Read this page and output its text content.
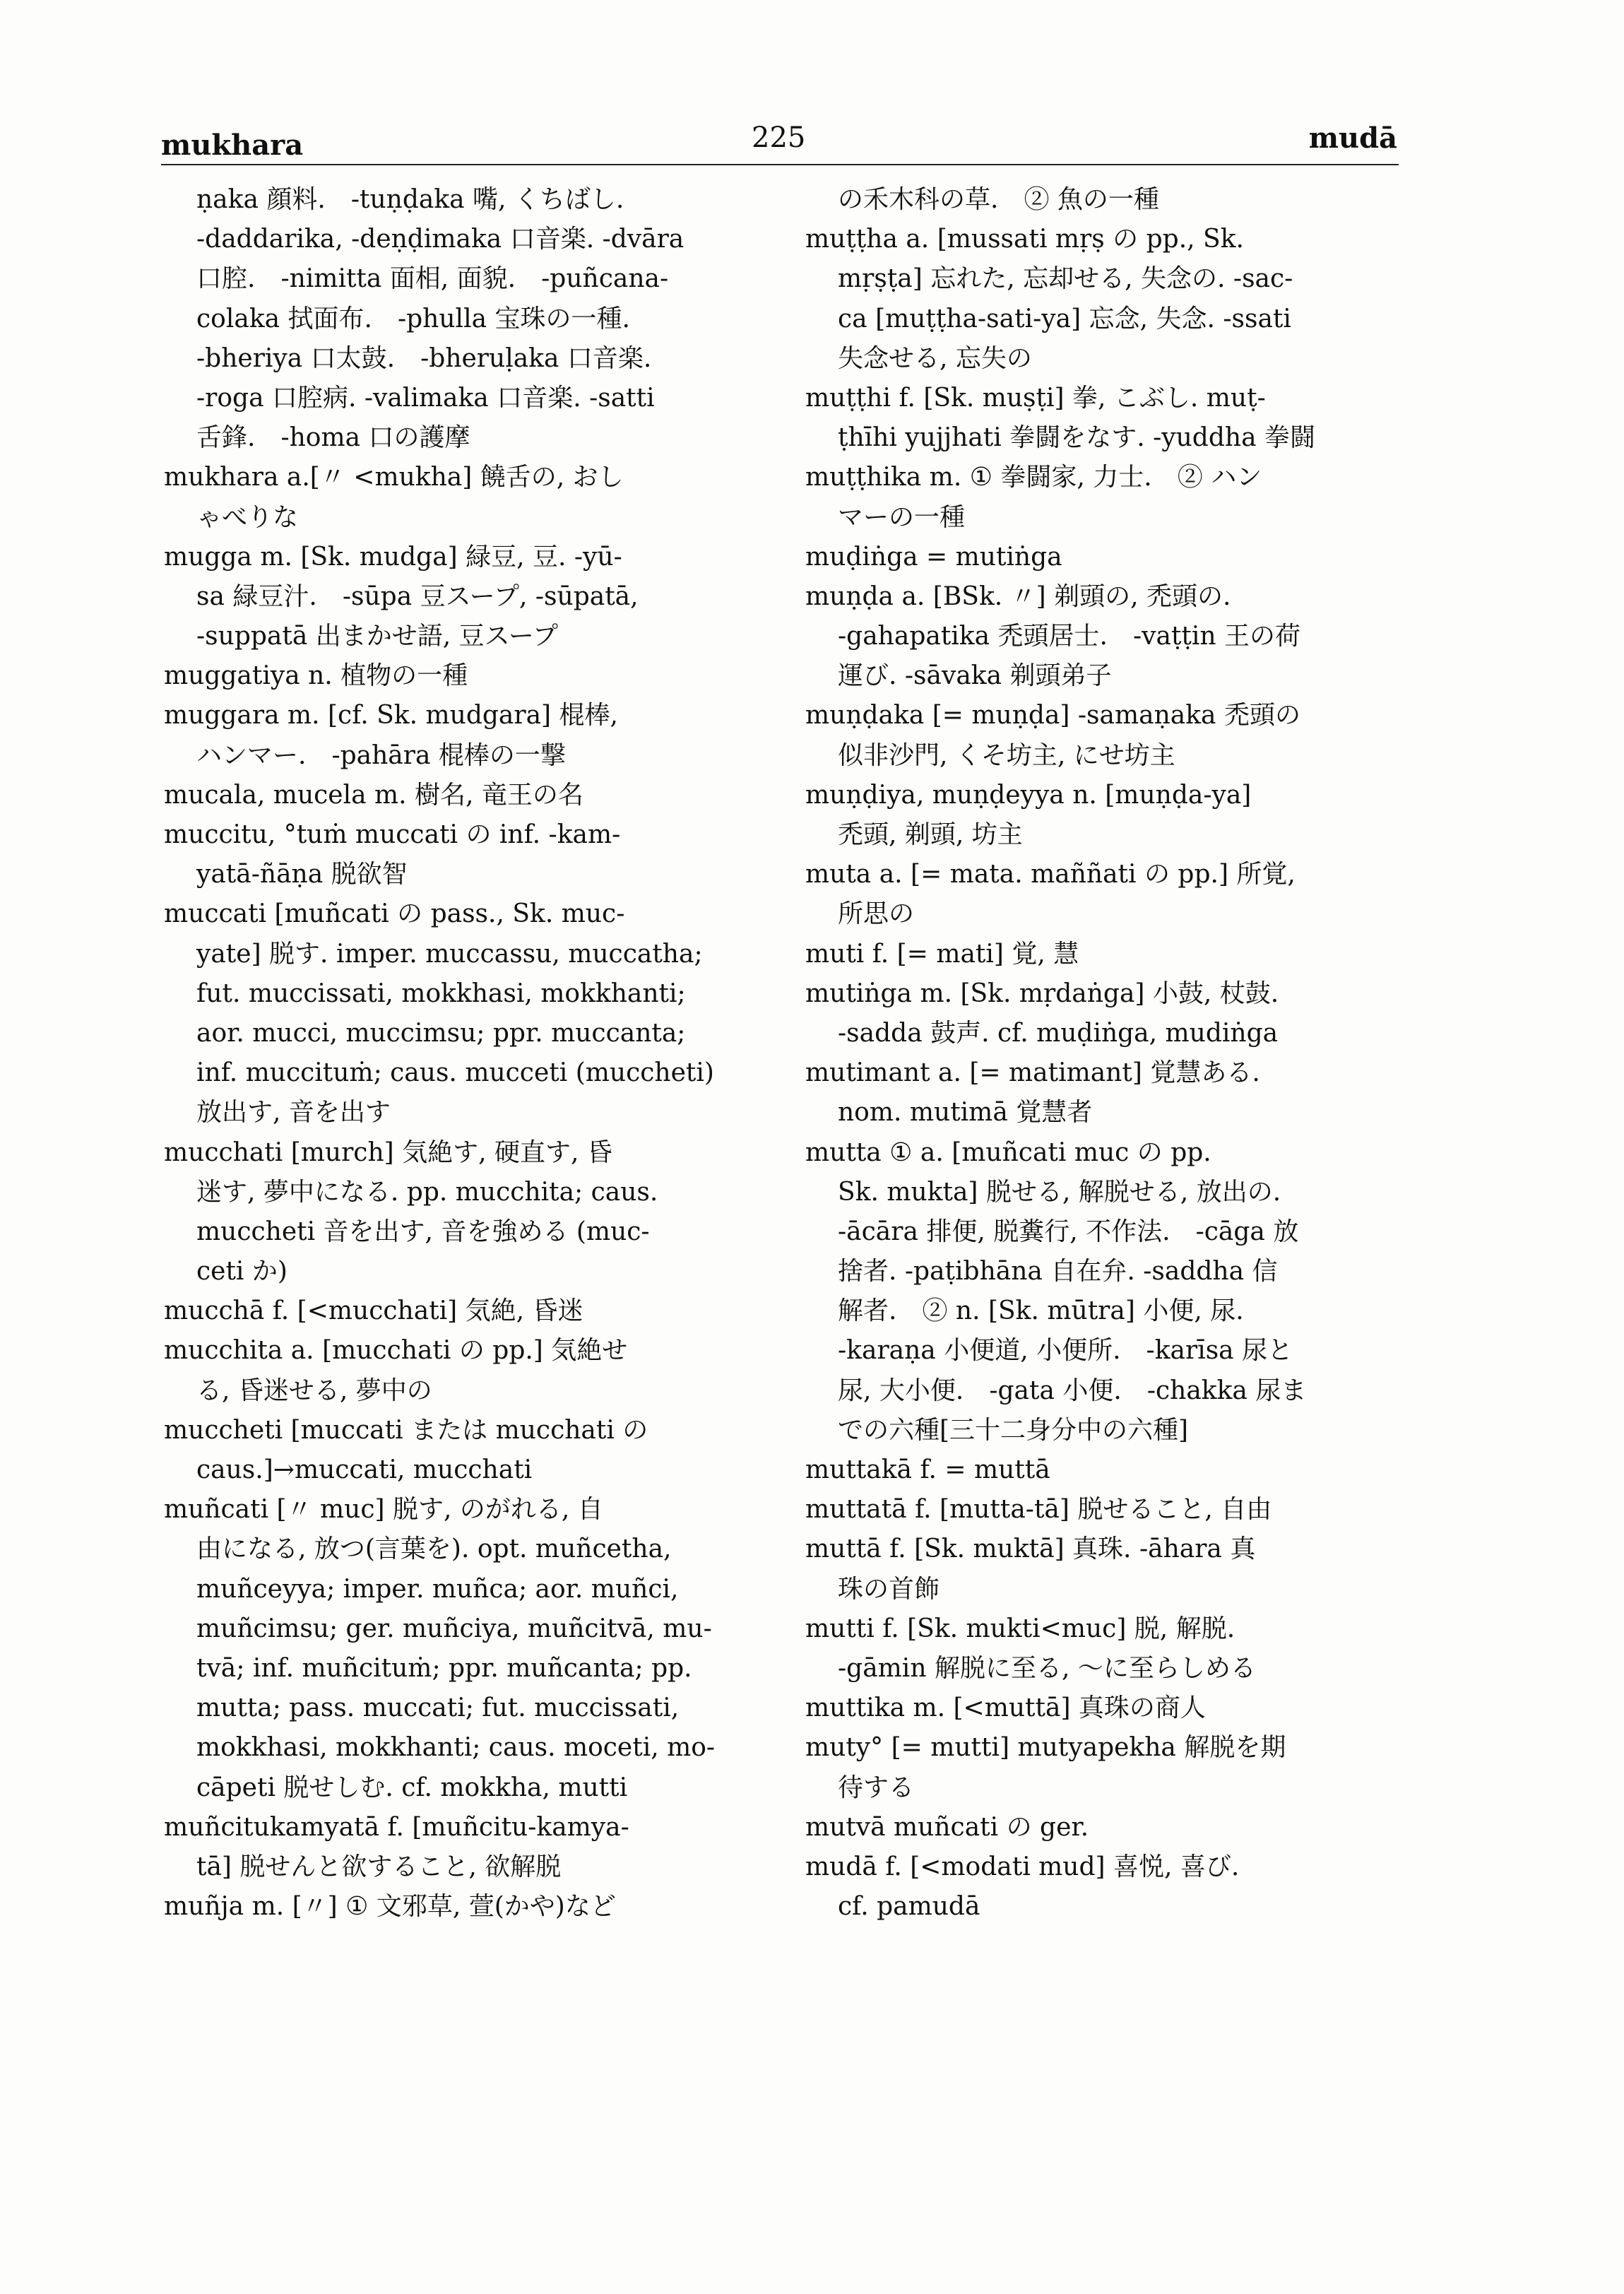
mukhara	225	mudā
ṇaka 顔料.　-tuṇḍaka 嘴, くちばし.
-daddarika, -deṇḍimaka 口音楽. -dvāra
口腔.　-nimitta 面相, 面貌.　-puñcana-
colaka 拭面布.　-phulla 宝珠の一種.
-bheriya 口太鼓.　-bheruḷaka 口音楽.
-roga 口腔病. -valimaka 口音楽. -satti
舌鋒.　-homa 口の護摩
mukhara a.[〃 <mukha] 饒舌の, おし
ゃべりな
mugga m. [Sk. mudga] 緑豆, 豆. -yū-
sa 緑豆汁.　-sūpa 豆スープ, -sūpatā,
-suppatā 出まかせ語, 豆スープ
muggatiya n. 植物の一種
muggara m. [cf. Sk. mudgara] 棍棒,
ハンマー.　-pahāra 棍棒の一撃
mucala, mucela m. 樹名, 竜王の名
muccitu, °tuṁ muccati の inf. -kam-
yatā-ñāṇa 脱欲智
muccati [muñcati の pass., Sk. muc-
yate] 脱す. imper. muccassu, muccatha;
fut. muccissati, mokkhasi, mokkhanti;
aor. mucci, muccimsu; ppr. muccanta;
inf. muccituṁ; caus. mucceti (muccheti)
放出す, 音を出す
mucchati [murch] 気絶す, 硬直す, 昏
迷す, 夢中になる. pp. mucchita; caus.
muccheti 音を出す, 音を強める (muc-
ceti か)
mucchā f. [<mucchati] 気絶, 昏迷
mucchita a. [mucchati の pp.] 気絶せ
る, 昏迷せる, 夢中の
muccheti [muccati または mucchati の
caus.]→muccati, mucchati
muñcati [〃 muc] 脱す, のがれる, 自
由になる, 放つ(言葉を). opt. muñcetha,
muñceyya; imper. muñca; aor. muñci,
muñcimsu; ger. muñciya, muñcitvā, mu-
tvā; inf. muñcituṁ; ppr. muñcanta; pp.
mutta; pass. muccati; fut. muccissati,
mokkhasi, mokkhanti; caus. moceti, mo-
cāpeti 脱せしむ. cf. mokkha, mutti
muñcitukamyatā f. [muñcitu-kamya-
tā] 脱せんと欲すること, 欲解脱
muñja m. [〃] ① 文邪草, 萱(かや)など
の禾木科の草.　② 魚の一種
muṭṭha a. [mussati mṛṣ の pp., Sk.
mṛṣṭa] 忘れた, 忘却せる, 失念の. -sac-
ca [muṭṭha-sati-ya] 忘念, 失念. -ssati
失念せる, 忘失の
muṭṭhi f. [Sk. muṣṭi] 拳, こぶし. muṭ-
ṭhīhi yujjhati 拳闘をなす. -yuddha 拳闘
muṭṭhika m. ① 拳闘家, 力士.　② ハン
マーの一種
muḍiṅga = mutiṅga
muṇḍa a. [BSk. 〃] 剃頭の, 禿頭の.
-gahapatika 禿頭居士.　-vaṭṭin 王の荷
運び. -sāvaka 剃頭弟子
muṇḍaka [= muṇḍa] -samaṇaka 禿頭の
似非沙門, くそ坊主, にせ坊主
muṇḍiya, muṇḍeyya n. [muṇḍa-ya]
禿頭, 剃頭, 坊主
muta a. [= mata. maññati の pp.] 所覚,
所思の
muti f. [= mati] 覚, 慧
mutiṅga m. [Sk. mṛdaṅga] 小鼓, 杖鼓.
-sadda 鼓声. cf. muḍiṅga, mudiṅga
mutimant a. [= matimant] 覚慧ある.
nom. mutimā 覚慧者
mutta ① a. [muñcati muc の pp.
Sk. mukta] 脱せる, 解脱せる, 放出の.
-ācāra 排便, 脱糞行, 不作法.　-cāga 放
捨者. -paṭibhāna 自在弁. -saddha 信
解者.　② n. [Sk. mūtra] 小便, 尿.
-karaṇa 小便道, 小便所.　-karīsa 尿と
尿, 大小便.　-gata 小便.　-chakka 尿ま
での六種[三十二身分中の六種]
muttakā f. = muttā
muttatā f. [mutta-tā] 脱せること, 自由
muttā f. [Sk. muktā] 真珠. -āhara 真
珠の首飾
mutti f. [Sk. mukti<muc] 脱, 解脱.
-gāmin 解脱に至る, ～に至らしめる
muttika m. [<muttā] 真珠の商人
muty° [= mutti] mutyapekha 解脱を期
待する
mutvā muñcati の ger.
mudā f. [<modati mud] 喜悦, 喜び.
cf. pamudā
